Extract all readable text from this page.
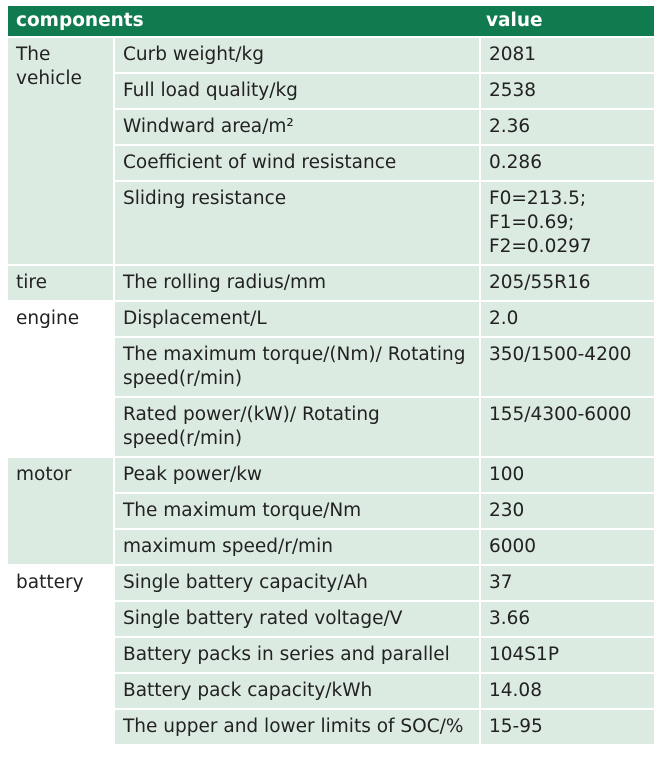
components		value
The vehicle	Curb weight/kg	2081
	Full load quality/kg	2538
	Windward area/m²	2.36
	Coefficient of wind resistance	0.286
	Sliding resistance	F0=213.5;
F1=0.69;
F2=0.0297

tire	The rolling radius/mm	205/55R16
engine	Displacement/L	2.0
	The maximum torque/(Nm)/ Rotating speed(r/min)	350/1500-4200
	Rated power/(kW)/ Rotating speed(r/min)	155/4300-6000
motor	Peak power/kw	100
	The maximum torque/Nm	230
	maximum speed/r/min	6000
battery	Single battery capacity/Ah	37
	Single battery rated voltage/V	3.66
	Battery packs in series and parallel	104S1P
	Battery pack capacity/kWh	14.08
	The upper and lower limits of SOC/%	15-95
